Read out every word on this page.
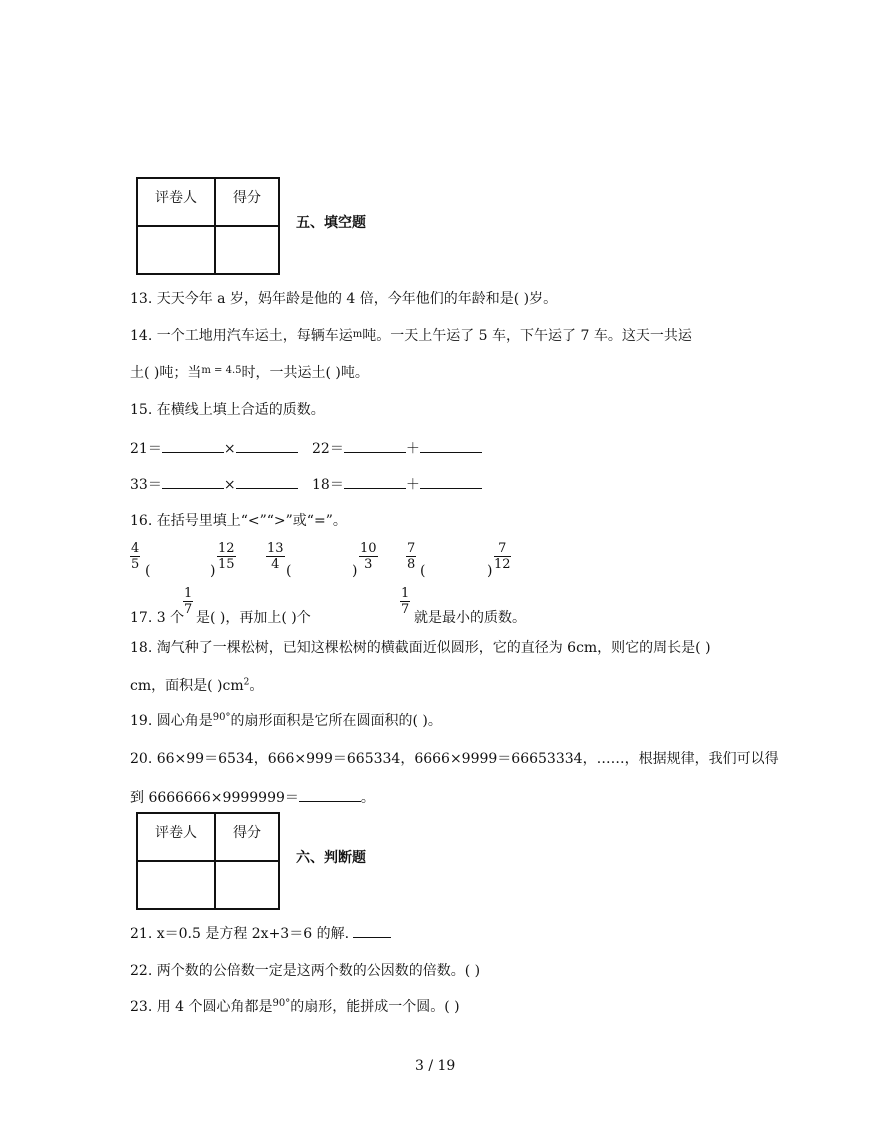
评卷人	得分

五、填空题
13. 天天今年 a 岁，妈年龄是他的 4 倍，今年他们的年龄和是( )岁。
14. 一个工地用汽车运土，每辆车运$^m$吨。一天上午运了 5 车，下午运了 7 车。这天一共运
土( )吨；当$^{m = 4.5}$时，一共运土( )吨。
15. 在横线上填上合适的质数。
21＝	×	22＝	＋
33＝	×	18＝	＋
16. 在括号里填上“<”“>”或“=”。
$\frac{4}{5}$ (	) $\frac{12}{15} \frac{13}{4}$ (	) $\frac{10}{3} \frac{7}{8}$ (	) $\frac{7}{12}$
17. 3 个
$\frac{1}{7}$
是( )，再加上( )个
$\frac{1}{7}$
就是最小的质数。
18. 淘气种了一棵松树，已知这棵松树的横截面近似圆形，它的直径为 6cm，则它的周长是( )
cm，面积是( )$cm^2$。
19. 圆心角是$^{90^\circ}$的扇形面积是它所在圆面积的( )。
20. 66×99＝6534，666×999＝665334，6666×9999＝66653334，……，根据规律，我们可以得
到 6666666×9999999＝	。
评卷人	得分

六、判断题
21. x＝0.5 是方程 2x+3＝6 的解.
22. 两个数的公倍数一定是这两个数的公因数的倍数。( )
23. 用 4 个圆心角都是$^{90^\circ}$的扇形，能拼成一个圆。( )
3 / 19
